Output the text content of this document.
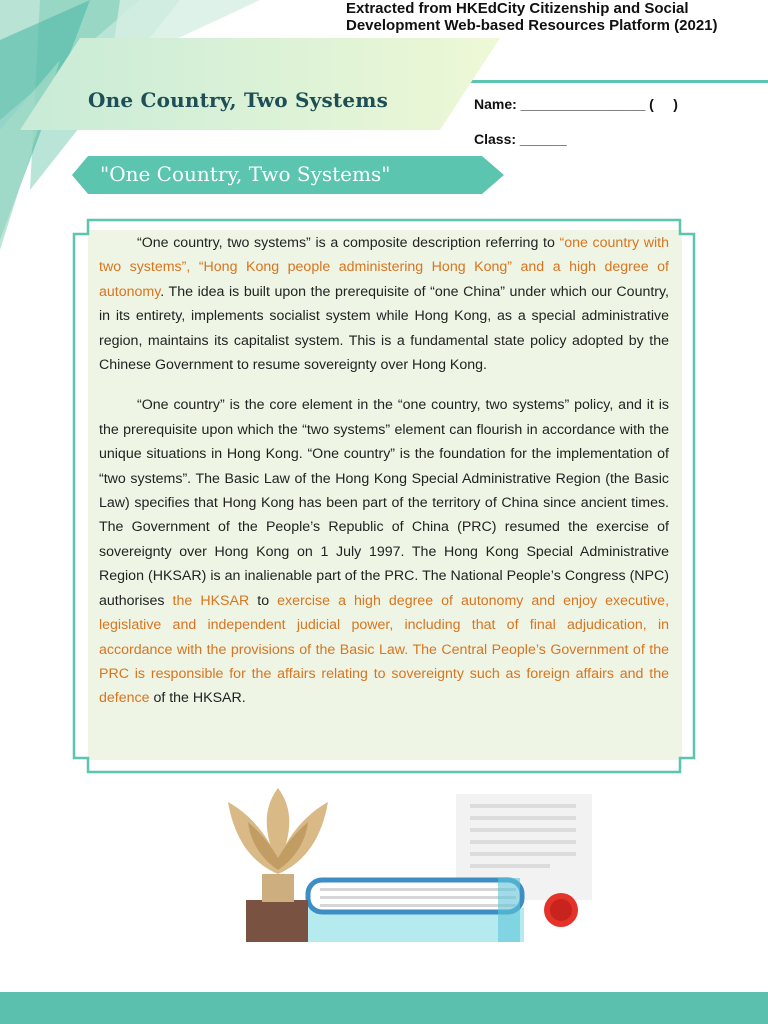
Extracted from HKEdCity Citizenship and Social
Development Web-based Resources Platform (2021)
One Country, Two Systems	Name: ________________ (     )
Class: ______
"One Country, Two Systems"

“One country, two systems” is a composite description referring to “one country with two systems”, “Hong Kong people administering Hong Kong” and a high degree of autonomy. The idea is built upon the prerequisite of “one China” under which our Country, in its entirety, implements socialist system while Hong Kong, as a special administrative region, maintains its capitalist system. This is a fundamental state policy adopted by the Chinese Government to resume sovereignty over Hong Kong.

“One country” is the core element in the “one country, two systems” policy, and it is the prerequisite upon which the “two systems” element can flourish in accordance with the unique situations in Hong Kong. “One country” is the foundation for the implementation of “two systems”. The Basic Law of the Hong Kong Special Administrative Region (the Basic Law) specifies that Hong Kong has been part of the territory of China since ancient times. The Government of the People’s Republic of China (PRC) resumed the exercise of sovereignty over Hong Kong on 1 July 1997. The Hong Kong Special Administrative Region (HKSAR) is an inalienable part of the PRC. The National People’s Congress (NPC) authorises the HKSAR to exercise a high degree of autonomy and enjoy executive, legislative and independent judicial power, including that of final adjudication, in accordance with the provisions of the Basic Law. The Central People’s Government of the PRC is responsible for the affairs relating to sovereignty such as foreign affairs and the defence of the HKSAR.
